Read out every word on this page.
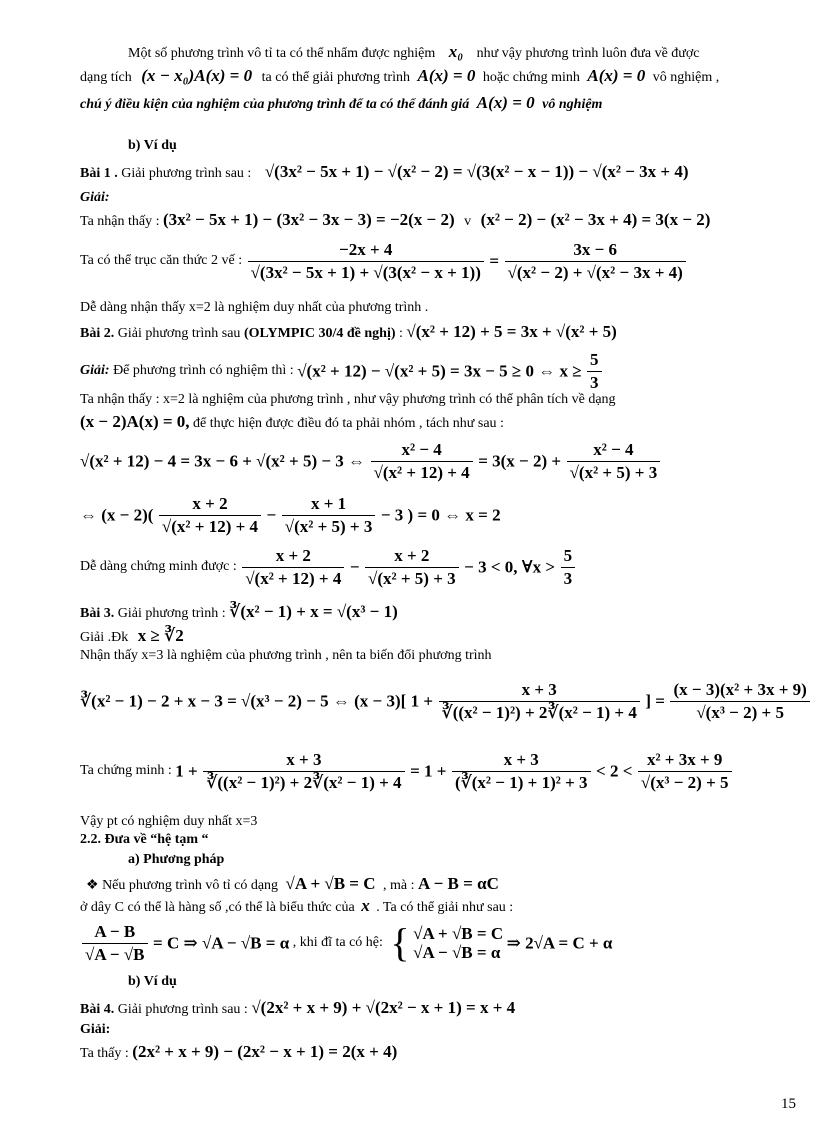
Một số phương trình vô tỉ ta có thể nhẩm được nghiệm x₀ như vậy phương trình luôn đưa về được
dạng tích (x − x₀)A(x) = 0 ta có thể giải phương trình A(x) = 0 hoặc chứng minh A(x) = 0 vô nghiệm ,
chú ý điều kiện của nghiệm của phương trình để ta có thể đánh giá A(x) = 0 vô nghiệm
b) Ví dụ
Bài 1 . Giải phương trình sau : √(3x² − 5x + 1) − √(x² − 2) = √(3(x² − x − 1)) − √(x² − 3x + 4)
Giải:
Ta nhận thấy : (3x² − 5x + 1) − (3x² − 3x − 3) = −2(x − 2) v (x² − 2) − (x² − 3x + 4) = 3(x − 2)
Ta có thể trục căn thức 2 vế : $\frac{-2x + 4}{\text{√(3x² − 5x + 1) + √(3(x² − x + 1))}} = \frac{3x - 6}{\text{√(x² − 2) + √(x² − 3x + 4)}}$
Dễ dàng nhận thấy x=2 là nghiệm duy nhất của phương trình .
Bài 2. Giải phương trình sau (OLYMPIC 30/4 đề nghị) : √(x² + 12) + 5 = 3x + √(x² + 5)
Giải: Để phương trình có nghiệm thì : √(x² + 12) − √(x² + 5) = 3x − 5 ≥ 0 ⇔ $x \ge \frac{5}{3}$
Ta nhận thấy : x=2 là nghiệm của phương trình , như vậy phương trình có thể phân tích về dạng
(x − 2)A(x) = 0, để thực hiện được điều đó ta phải nhóm , tách như sau :
√(x² + 12) − 4 = 3x − 6 + √(x² + 5) − 3 ⇔ $\frac{\text{x² − 4}}{\text{√(x² + 12) + 4}} = 3(x - 2) + \frac{\text{x² − 4}}{\text{√(x² + 5) + 3}}$
⇔ $(x - 2)( \frac{x + 2}{\text{√(x² + 12) + 4}} - \frac{x + 1}{\text{√(x² + 5) + 3}} - 3$ ) = 0 ⇔ x = 2
Dễ dàng chứng minh được : $\frac{x + 2}{\text{√(x² + 12) + 4}} - \frac{x + 2}{\text{√(x² + 5) + 3}} - 3 < 0$, ∀x > $\frac{5}{3}$
Bài 3. Giải phương trình : ∛(x² − 1) + x = √(x³ − 1)
Giải .Đk x ≥ ∛2
Nhận thấy x=3 là nghiệm của phương trình , nên ta biến đổi phương trình
∛(x² − 1) − 2 + x − 3 = √(x³ − 2) − 5 ⇔ (x − 3)[ $1 + \frac{x + 3}{\text{∛((x² − 1)²) + 2∛(x² − 1) + 4}}$ ] = $\frac{\text{(x − 3)(x² + 3x + 9)}}{\text{√(x³ − 2) + 5}}$
Ta chứng minh : $1 + \frac{x + 3}{\text{∛((x² − 1)²) + 2∛(x² − 1) + 4}} = 1 + \frac{x + 3}{\text{(∛(x² − 1) + 1)² + 3}} < 2 < \frac{\text{x² + 3x + 9}}{\text{√(x³ − 2) + 5}}$
Vậy pt có nghiệm duy nhất x=3
2.2. Đưa về “hệ tạm “
a) Phương pháp
❖ Nếu phương trình vô tỉ có dạng √A + √B = C , mà : A − B = αC
ở dây C có thể là hàng số ,có thể là biểu thức của x . Ta có thể giải như sau :
$\frac{A - B}{√A - √B} = C$ ⇒ √A − √B = α , khi đĩ ta có hệ: { √A + √B = C
√A − √B = α
⇒ 2√A = C + α
b) Ví dụ
Bài 4. Giải phương trình sau : √(2x² + x + 9) + √(2x² − x + 1) = x + 4
Giải:
Ta thấy : (2x² + x + 9) − (2x² − x + 1) = 2(x + 4)
15
